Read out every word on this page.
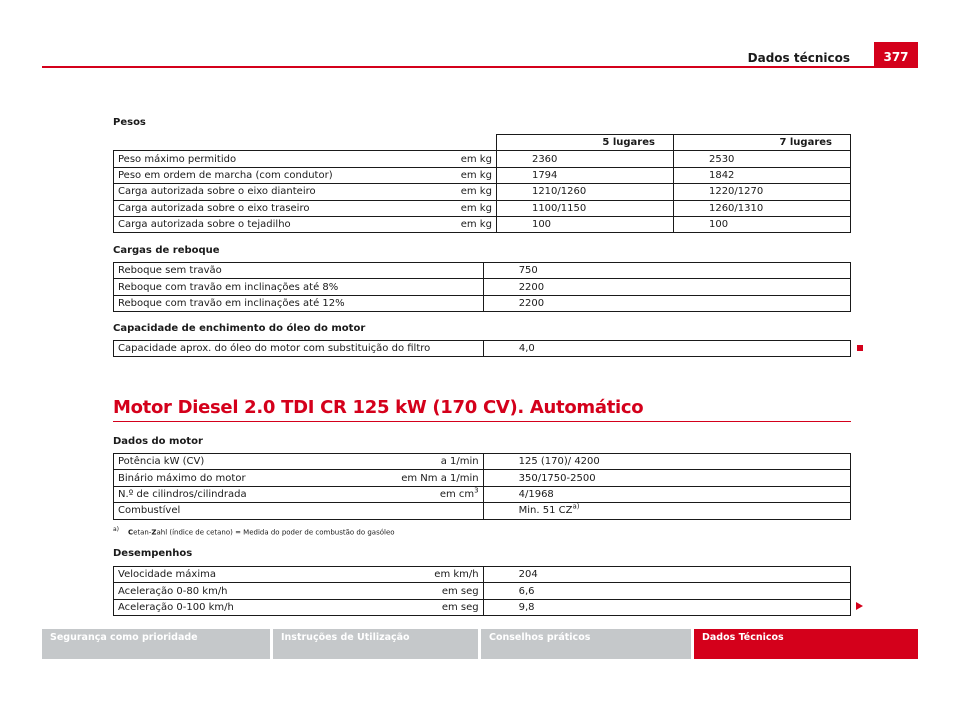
Dados técnicos	377
Pesos
		5 lugares	7 lugares
Peso máximo permitido	em kg	2360	2530
Peso em ordem de marcha (com condutor)	em kg	1794	1842
Carga autorizada sobre o eixo dianteiro	em kg	1210/1260	1220/1270
Carga autorizada sobre o eixo traseiro	em kg	1100/1150	1260/1310
Carga autorizada sobre o tejadilho	em kg	100	100
Cargas de reboque
Reboque sem travão	750
Reboque com travão em inclinações até 8%	2200
Reboque com travão em inclinações até 12%	2200
Capacidade de enchimento do óleo do motor
Capacidade aprox. do óleo do motor com substituição do filtro	4,0
Motor Diesel 2.0 TDI CR 125 kW (170 CV). Automático
Dados do motor
Potência kW (CV)	a 1/min	125 (170)/ 4200
Binário máximo do motor	em Nm a 1/min	350/1750-2500
N.º de cilindros/cilindrada	em $cm^3$	4/1968
Combustível		Min. 51 CZ$^{a)}$
$^{a)}$ Cetan-Zahl (índice de cetano) = Medida do poder de combustão do gasóleo
Desempenhos
Velocidade máxima	em km/h	204
Aceleração 0-80 km/h	em seg	6,6
Aceleração 0-100 km/h	em seg	9,8
Segurança como prioridade	Instruções de Utilização	Conselhos práticos	Dados Técnicos
